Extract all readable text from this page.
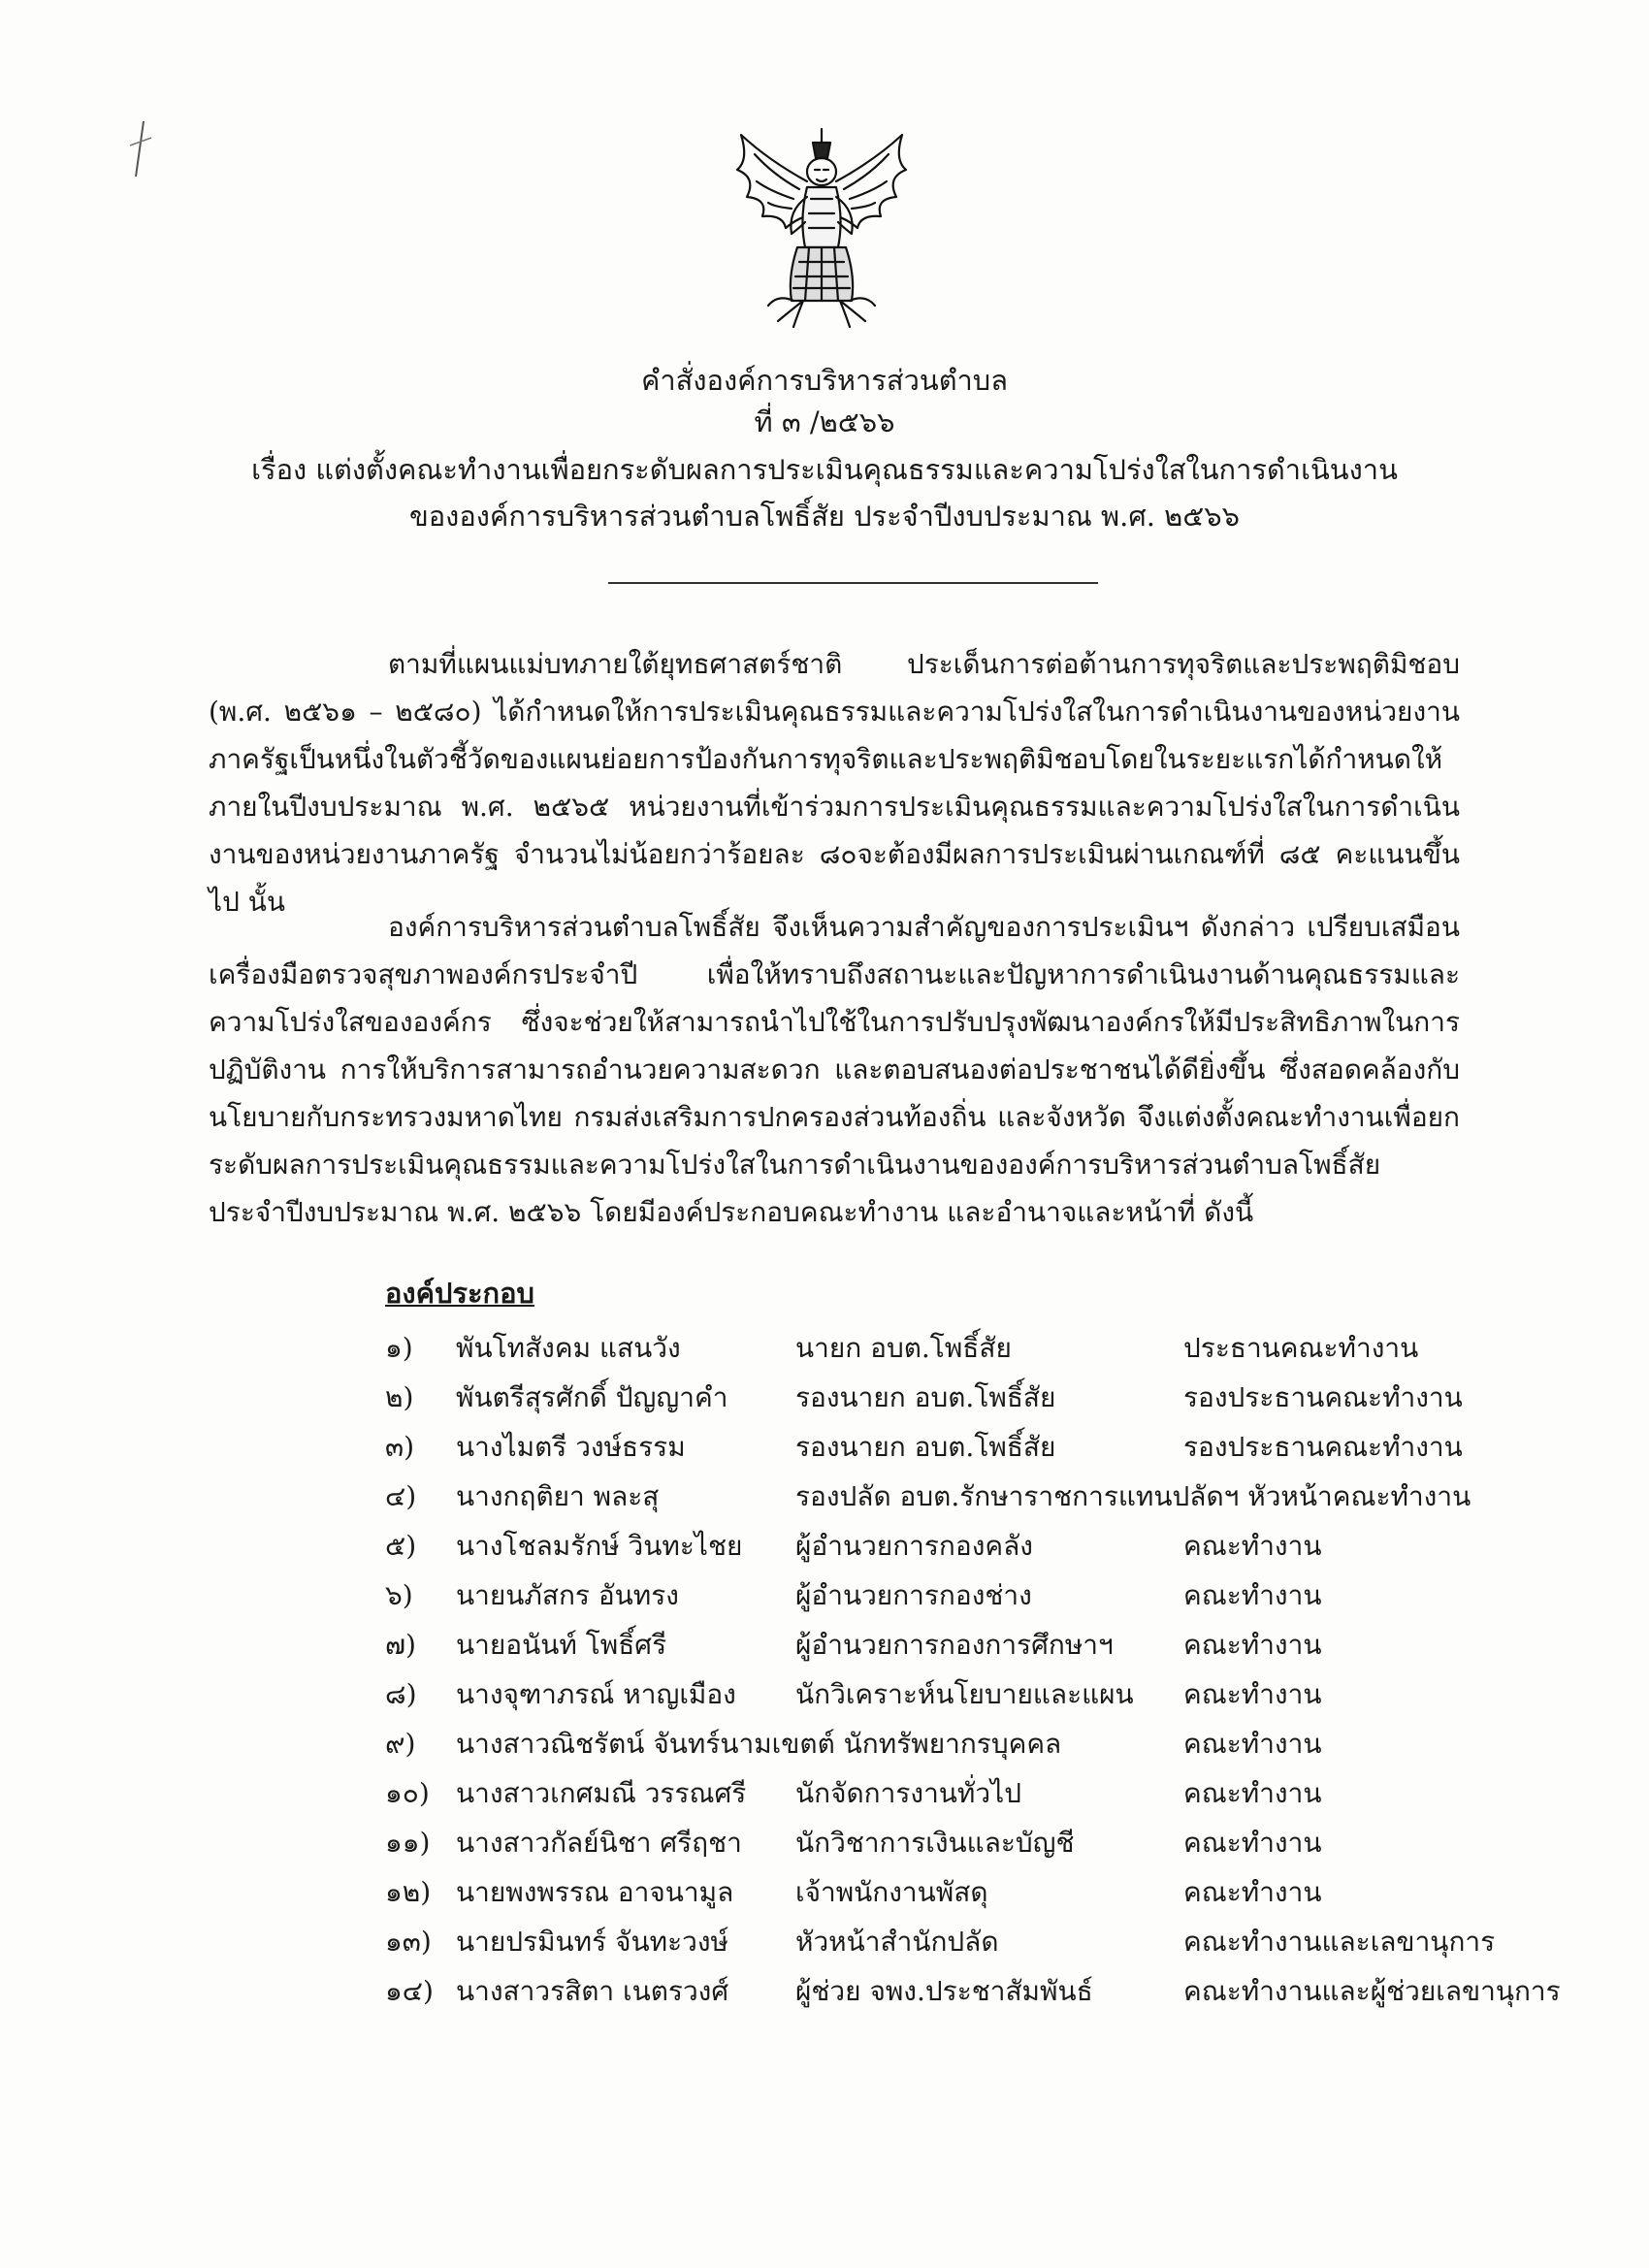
คำสั่งองค์การบริหารส่วนตำบล
ที่ ๓ /๒๕๖๖
เรื่อง แต่งตั้งคณะทำงานเพื่อยกระดับผลการประเมินคุณธรรมและความโปร่งใสในการดำเนินงาน
ขององค์การบริหารส่วนตำบลโพธิ์สัย ประจำปีงบประมาณ พ.ศ. ๒๕๖๖

ตามที่แผนแม่บทภายใต้ยุทธศาสตร์ชาติ ประเด็นการต่อต้านการทุจริตและประพฤติมิชอบ (พ.ศ. ๒๕๖๑ – ๒๕๘๐) ได้กำหนดให้การประเมินคุณธรรมและความโปร่งใสในการดำเนินงานของหน่วยงานภาครัฐเป็นหนึ่งในตัวชี้วัดของแผนย่อยการป้องกันการทุจริตและประพฤติมิชอบโดยในระยะแรกได้กำหนดให้ภายในปีงบประมาณ พ.ศ. ๒๕๖๕ หน่วยงานที่เข้าร่วมการประเมินคุณธรรมและความโปร่งใสในการดำเนินงานของหน่วยงานภาครัฐ จำนวนไม่น้อยกว่าร้อยละ ๘๐จะต้องมีผลการประเมินผ่านเกณฑ์ที่ ๘๕ คะแนนขึ้นไป นั้น

องค์การบริหารส่วนตำบลโพธิ์สัย จึงเห็นความสำคัญของการประเมินฯ ดังกล่าว เปรียบเสมือนเครื่องมือตรวจสุขภาพองค์กรประจำปี เพื่อให้ทราบถึงสถานะและปัญหาการดำเนินงานด้านคุณธรรมและความโปร่งใสขององค์กร ซึ่งจะช่วยให้สามารถนำไปใช้ในการปรับปรุงพัฒนาองค์กรให้มีประสิทธิภาพในการปฏิบัติงาน การให้บริการสามารถอำนวยความสะดวก และตอบสนองต่อประชาชนได้ดียิ่งขึ้น ซึ่งสอดคล้องกับนโยบายกับกระทรวงมหาดไทย กรมส่งเสริมการปกครองส่วนท้องถิ่น และจังหวัด จึงแต่งตั้งคณะทำงานเพื่อยกระดับผลการประเมินคุณธรรมและความโปร่งใสในการดำเนินงานขององค์การบริหารส่วนตำบลโพธิ์สัย ประจำปีงบประมาณ พ.ศ. ๒๕๖๖ โดยมีองค์ประกอบคณะทำงาน และอำนาจและหน้าที่ ดังนี้

องค์ประกอบ

๑) พันโทสังคม แสนวัง	นายก อบต.โพธิ์สัย	ประธานคณะทำงาน
๒) พันตรีสุรศักดิ์ ปัญญาคำ รองนายก อบต.โพธิ์สัย	รองประธานคณะทำงาน
๓) นางไมตรี วงษ์ธรรม	รองนายก อบต.โพธิ์สัย	รองประธานคณะทำงาน
๔) นางกฤติยา พละสุ	รองปลัด อบต.รักษาราชการแทนปลัดฯ หัวหน้าคณะทำงาน
๕) นางโชลมรักษ์ วินทะไชย ผู้อำนวยการกองคลัง	คณะทำงาน
๖) นายนภัสกร อันทรง	ผู้อำนวยการกองช่าง	คณะทำงาน
๗) นายอนันท์ โพธิ์ศรี	ผู้อำนวยการกองการศึกษาฯ	คณะทำงาน
๘) นางจุฑาภรณ์ หาญเมือง นักวิเคราะห์นโยบายและแผน คณะทำงาน
๙) นางสาวณิชรัตน์ จันทร์นามเขตต์ นักทรัพยากรบุคคล	คณะทำงาน
๑๐) นางสาวเกศมณี วรรณศรี นักจัดการงานทั่วไป	คณะทำงาน
๑๑) นางสาวกัลย์นิชา ศรีฤชา นักวิชาการเงินและบัญชี	คณะทำงาน
๑๒) นายพงพรรณ อาจนามูล เจ้าพนักงานพัสดุ	คณะทำงาน
๑๓) นายปรมินทร์ จันทะวงษ์ หัวหน้าสำนักปลัด	คณะทำงานและเลขานุการ
๑๔) นางสาวรสิตา เนตรวงศ์ ผู้ช่วย จพง.ประชาสัมพันธ์	คณะทำงานและผู้ช่วยเลขานุการ
